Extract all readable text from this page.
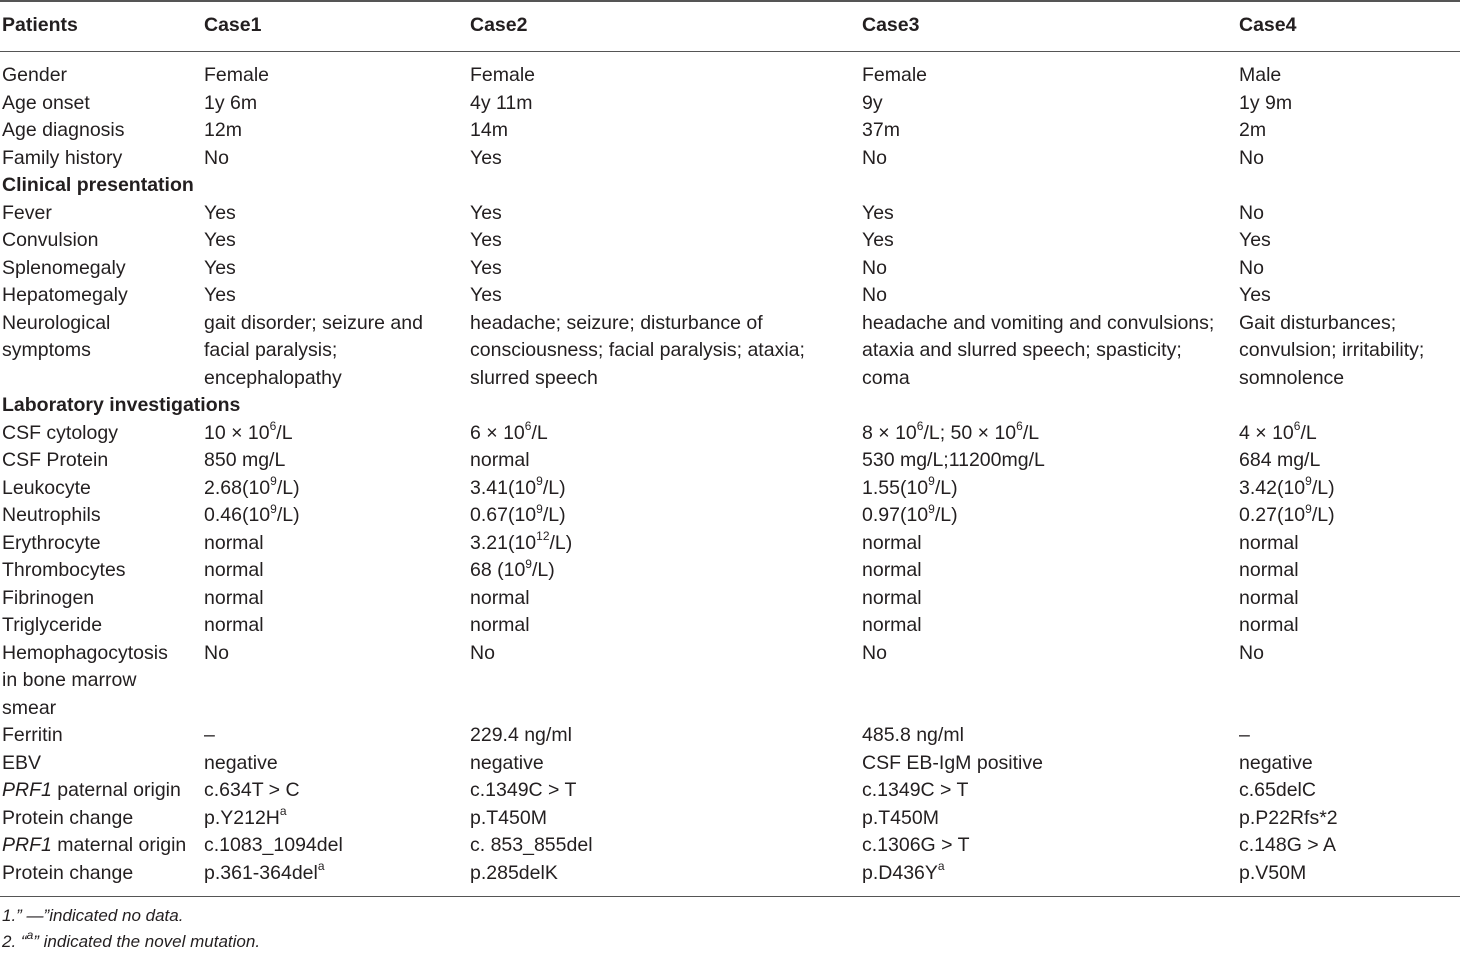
Patients	Case1	Case2	Case3	Case4
Gender	Female	Female	Female	Male
Age onset	1y 6m	4y 11m	9y	1y 9m
Age diagnosis	12m	14m	37m	2m
Family history	No	Yes	No	No
Clinical presentation				
Fever	Yes	Yes	Yes	No
Convulsion	Yes	Yes	Yes	Yes
Splenomegaly	Yes	Yes	No	No
Hepatomegaly	Yes	Yes	No	Yes
Neurological symptoms	gait disorder; seizure and facial paralysis; encephalopathy	headache; seizure; disturbance of consciousness; facial paralysis; ataxia; slurred speech	headache and vomiting and convulsions; ataxia and slurred speech; spasticity; coma	Gait disturbances; convulsion; irritability; somnolence
Laboratory investigations				
CSF cytology	$10 \times 10^6/L$	$6 \times 10^6/L$	$8 \times 10^6/L$; $50 \times 10^6/L$	$4 \times 10^6/L$
CSF Protein	850 mg/L	normal	530 mg/L;11200mg/L	684 mg/L
Leukocyte	$2.68(10^9/L)$	$3.41(10^9/L)$	$1.55(10^9/L)$	$3.42(10^9/L)$
Neutrophils	$0.46(10^9/L)$	$0.67(10^9/L)$	$0.97(10^9/L)$	$0.27(10^9/L)$
Erythrocyte	normal	$3.21(10^{12}/L)$	normal	normal
Thrombocytes	normal	68 $(10^9/L)$	normal	normal
Fibrinogen	normal	normal	normal	normal
Triglyceride	normal	normal	normal	normal
Hemophagocytosis in bone marrow smear	No	No	No	No
Ferritin	–	229.4 ng/ml	485.8 ng/ml	–
EBV	negative	negative	CSF EB-IgM positive	negative
PRF1 paternal origin	c.634T > C	c.1349C > T	c.1349C > T	c.65delC
Protein change	$p.Y212H^a$	p.T450M	p.T450M	p.P22Rfs*2
PRF1 maternal origin	c.1083_1094del	c. 853_855del	c.1306G > T	c.148G > A
Protein change	p.361-364del$^a$	p.285delK	$p.D436Y^a$	p.V50M
1.” —”indicated no data.
2. “$^a$” indicated the novel mutation.
